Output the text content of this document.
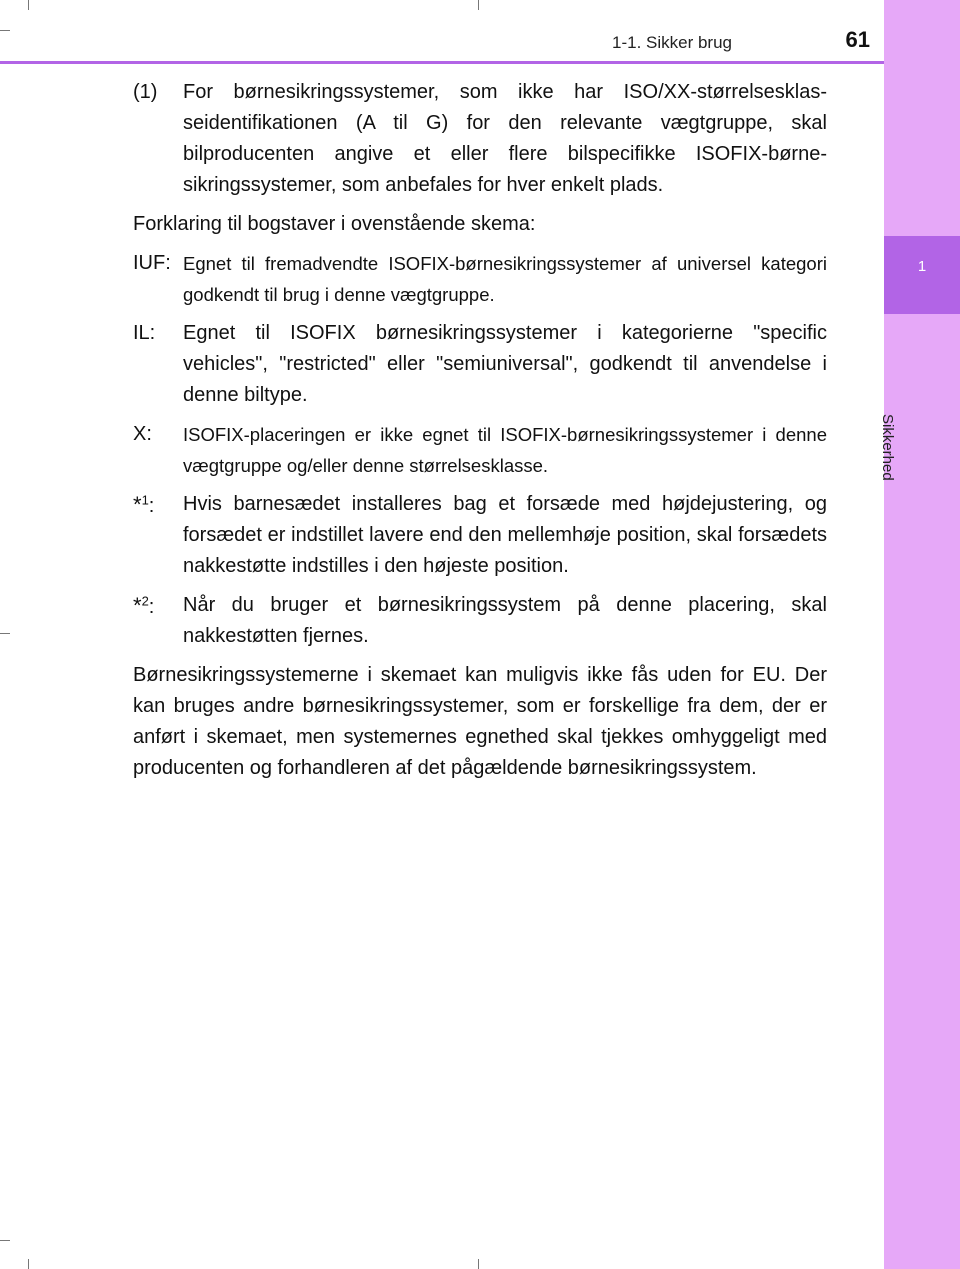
1
Sikkerhed
1-1. Sikker brug	61
(1)	For børnesikringssystemer, som ikke har ISO/XX-størrelsesklasseidentifikationen (A til G) for den relevante vægtgruppe, skal bilproducenten angive et eller flere bilspecifikke ISOFIX-børnesikringssystemer, som anbefales for hver enkelt plads.

Forklaring til bogstaver i ovenstående skema:

IUF: Egnet til fremadvendte ISOFIX-børnesikringssystemer af universel kategori godkendt til brug i denne vægtgruppe.
IL:	Egnet til ISOFIX børnesikringssystemer i kategorierne "specific vehicles", "restricted" eller "semiuniversal", godkendt til anvendelse i denne biltype.
X:	ISOFIX-placeringen er ikke egnet til ISOFIX-børnesikringssystemer i denne vægtgruppe og/eller denne størrelsesklasse.
*$^1$:	Hvis barnesædet installeres bag et forsæde med højdejustering, og forsædet er indstillet lavere end den mellemhøje position, skal forsædets nakkestøtte indstilles i den højeste position.
*$^2$:	Når du bruger et børnesikringssystem på denne placering, skal nakkestøtten fjernes.

Børnesikringssystemerne i skemaet kan muligvis ikke fås uden for EU. Der kan bruges andre børnesikringssystemer, som er forskellige fra dem, der er anført i skemaet, men systemernes egnethed skal tjekkes omhyggeligt med producenten og forhandleren af det pågældende børnesikringssystem.
